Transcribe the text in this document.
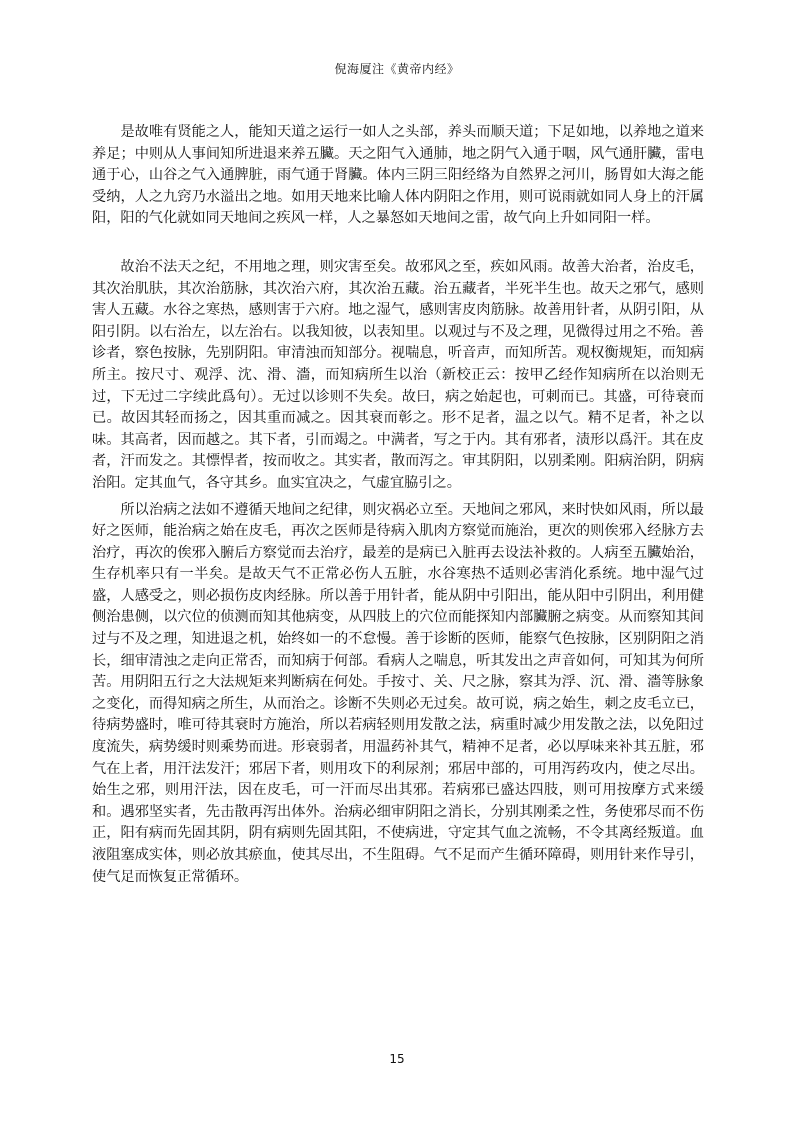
倪海厦注《黄帝内经》

是故唯有贤能之人，能知天道之运行一如人之头部，养头而顺天道；下足如地，以养地之道来养足；中则从人事间知所进退来养五臟。天之阳气入通肺，地之阴气入通于咽，风气通肝臟，雷电通于心，山谷之气入通脾脏，雨气通于肾臟。体内三阴三阳经络为自然界之河川，肠胃如大海之能受纳，人之九窍乃水溢出之地。如用天地来比喻人体内阴阳之作用，则可说雨就如同人身上的汗属阳，阳的气化就如同天地间之疾风一样，人之暴怒如天地间之雷，故气向上升如同阳一样。

故治不法天之纪，不用地之理，则灾害至矣。故邪风之至，疾如风雨。故善大治者，治皮毛，其次治肌肤，其次治筋脉，其次治六府，其次治五藏。治五藏者，半死半生也。故天之邪气，感则害人五藏。水谷之寒热，感则害于六府。地之湿气，感则害皮肉筋脉。故善用针者，从阴引阳，从阳引阴。以右治左，以左治右。以我知彼，以表知里。以观过与不及之理，见微得过用之不殆。善诊者，察色按脉，先别阴阳。审清浊而知部分。视喘息，听音声，而知所苦。观权衡规矩，而知病所主。按尺寸、观浮、沈、滑、濇，而知病所生以治（新校正云：按甲乙经作知病所在以治则无过，下无过二字续此爲句）。无过以诊则不失矣。故曰，病之始起也，可刺而已。其盛，可待衰而已。故因其轻而扬之，因其重而减之。因其衰而彰之。形不足者，温之以气。精不足者，补之以味。其高者，因而越之。其下者，引而竭之。中满者，写之于内。其有邪者，渍形以爲汗。其在皮者，汗而发之。其慓悍者，按而收之。其实者，散而泻之。审其阴阳，以别柔刚。阳病治阴，阴病治阳。定其血气，各守其乡。血实宜决之，气虚宜脇引之。

所以治病之法如不遵循天地间之纪律，则灾祸必立至。天地间之邪风，来时快如风雨，所以最好之医师，能治病之始在皮毛，再次之医师是待病入肌肉方察觉而施治，更次的则俟邪入经脉方去治疗，再次的俟邪入腑后方察觉而去治疗，最差的是病已入脏再去设法补救的。人病至五臟始治，生存机率只有一半矣。是故天气不正常必伤人五脏，水谷寒热不适则必害消化系统。地中湿气过盛，人感受之，则必损伤皮肉经脉。所以善于用针者，能从阴中引阳出，能从阳中引阴出，利用健侧治患侧，以穴位的侦测而知其他病变，从四肢上的穴位而能探知内部臟腑之病变。从而察知其间过与不及之理，知进退之机，始终如一的不怠慢。善于诊断的医师，能察气色按脉，区别阴阳之消长，细审清浊之走向正常否，而知病于何部。看病人之喘息，听其发出之声音如何，可知其为何所苦。用阴阳五行之大法规矩来判断病在何处。手按寸、关、尺之脉，察其为浮、沉、滑、濇等脉象之变化，而得知病之所生，从而治之。诊断不失则必无过矣。故可说，病之始生，刺之皮毛立已，待病势盛时，唯可待其衰时方施治，所以若病轻则用发散之法，病重时减少用发散之法，以免阳过度流失，病势缓时则乘势而进。形衰弱者，用温药补其气，精神不足者，必以厚味来补其五脏，邪气在上者，用汗法发汗；邪居下者，则用攻下的利尿剂；邪居中部的，可用泻药攻内，使之尽出。始生之邪，则用汗法，因在皮毛，可一汗而尽出其邪。若病邪已盛达四肢，则可用按摩方式来缓和。遇邪坚实者，先击散再泻出体外。治病必细审阴阳之消长，分别其刚柔之性，务使邪尽而不伤正，阳有病而先固其阴，阴有病则先固其阳，不使病进，守定其气血之流畅，不令其离经叛道。血液阻塞成实体，则必放其瘀血，使其尽出，不生阻碍。气不足而产生循环障碍，则用针来作导引，使气足而恢复正常循环。

15
